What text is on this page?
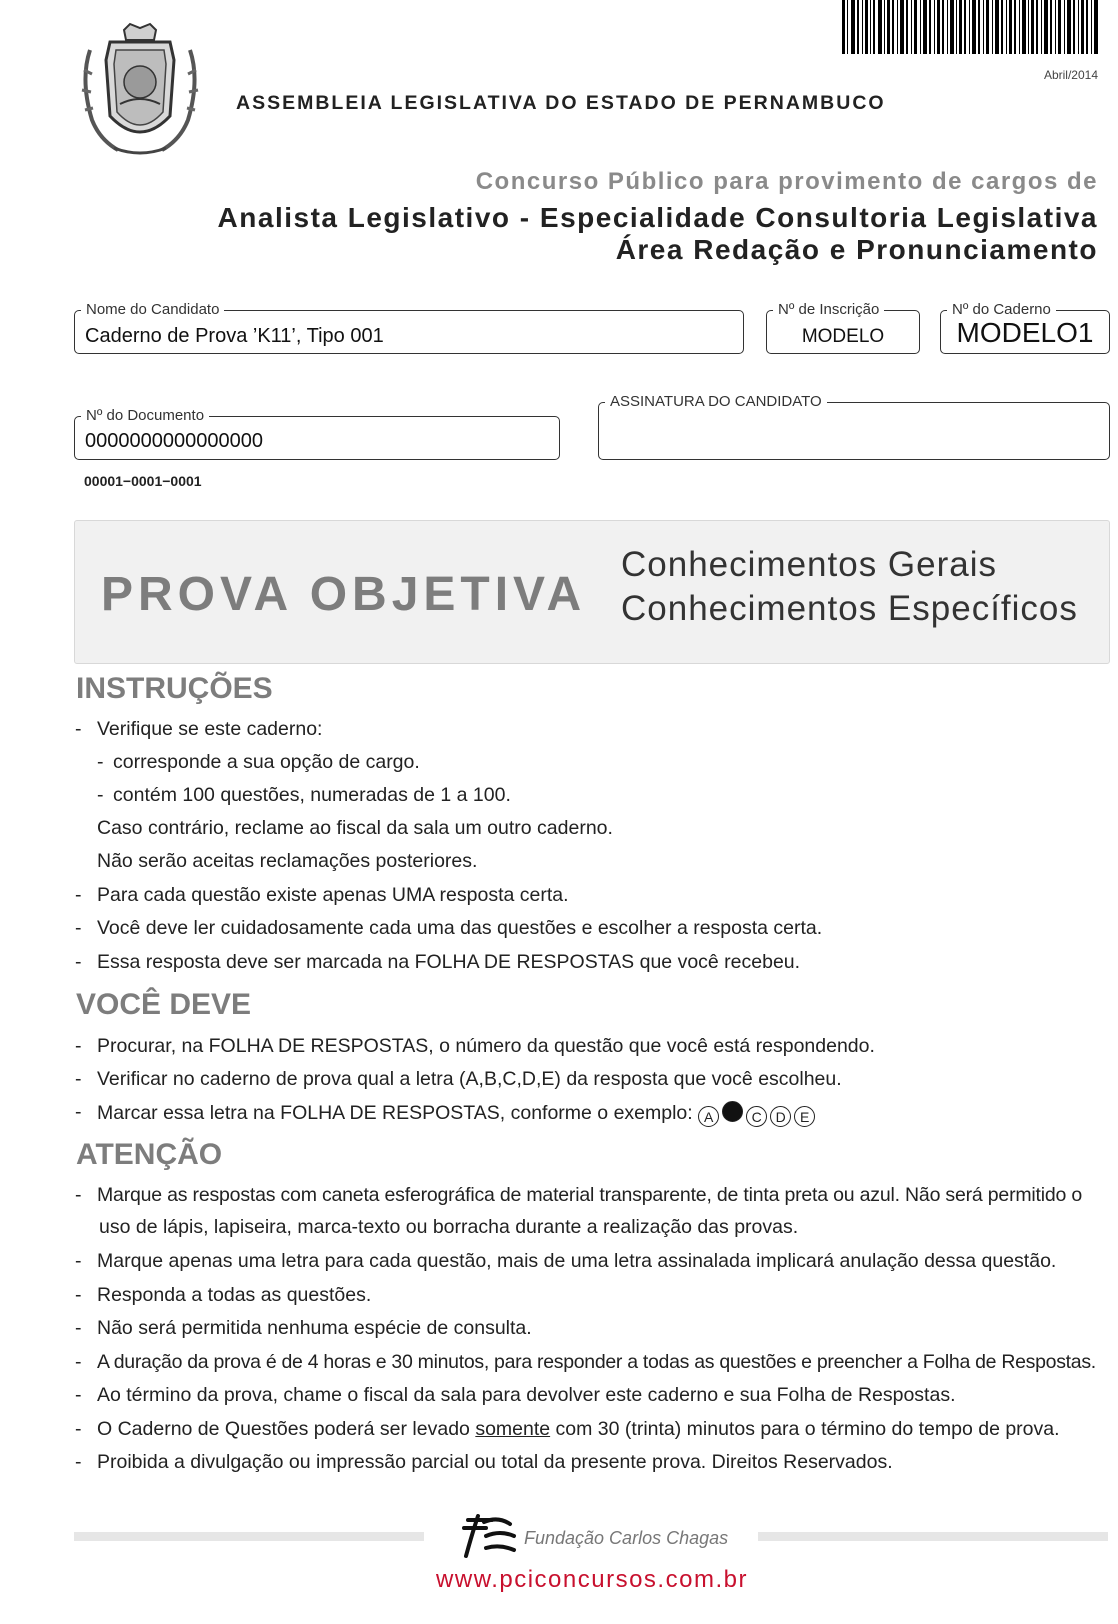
Abril/2014
ASSEMBLEIA LEGISLATIVA DO ESTADO DE PERNAMBUCO
Concurso Público para provimento de cargos de
Analista Legislativo - Especialidade Consultoria Legislativa
Área Redação e Pronunciamento
Nome do Candidato
Caderno de Prova ’K11’, Tipo 001
Nº de Inscrição
MODELO
Nº do Caderno
MODELO1
Nº do Documento
0000000000000000
ASSINATURA DO CANDIDATO
00001−0001−0001
PROVA OBJETIVA
Conhecimentos Gerais
Conhecimentos Específicos
INSTRUÇÕES
- Verifique se este caderno:
- corresponde a sua opção de cargo.
- contém 100 questões, numeradas de 1 a 100.
Caso contrário, reclame ao fiscal da sala um outro caderno.
Não serão aceitas reclamações posteriores.
- Para cada questão existe apenas UMA resposta certa.
- Você deve ler cuidadosamente cada uma das questões e escolher a resposta certa.
- Essa resposta deve ser marcada na FOLHA DE RESPOSTAS que você recebeu.
VOCÊ DEVE
- Procurar, na FOLHA DE RESPOSTAS, o número da questão que você está respondendo.
- Verificar no caderno de prova qual a letra (A,B,C,D,E) da resposta que você escolheu.
- Marcar essa letra na FOLHA DE RESPOSTAS, conforme o exemplo: A	C D E
ATENÇÃO
- Marque as respostas com caneta esferográfica de material transparente, de tinta preta ou azul. Não será permitido o
uso de lápis, lapiseira, marca-texto ou borracha durante a realização das provas.
- Marque apenas uma letra para cada questão, mais de uma letra assinalada implicará anulação dessa questão.
- Responda a todas as questões.
- Não será permitida nenhuma espécie de consulta.
- A duração da prova é de 4 horas e 30 minutos, para responder a todas as questões e preencher a Folha de Respostas.
- Ao término da prova, chame o fiscal da sala para devolver este caderno e sua Folha de Respostas.
- O Caderno de Questões poderá ser levado somente com 30 (trinta) minutos para o término do tempo de prova.
- Proibida a divulgação ou impressão parcial ou total da presente prova. Direitos Reservados.
Fundação Carlos Chagas
www.pciconcursos.com.br
